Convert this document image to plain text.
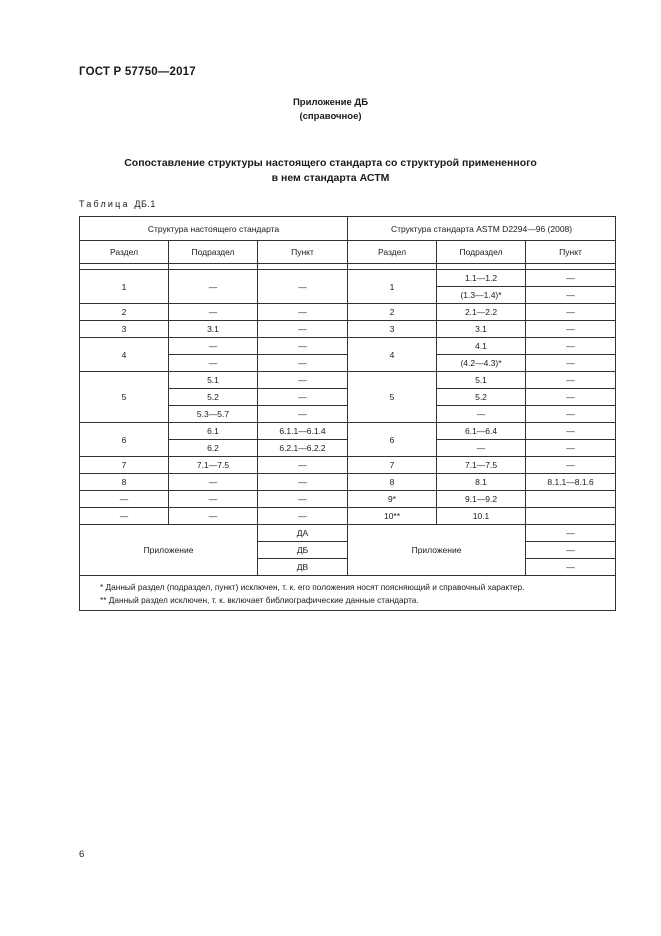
ГОСТ Р 57750—2017
Приложение ДБ
(справочное)
Сопоставление структуры настоящего стандарта со структурой примененного
в нем стандарта АСТМ
Таблица ДБ.1
Структура настоящего стандарта			Структура стандарта ASTM D2294—96 (2008)		
Раздел	Подраздел	Пункт	Раздел	Подраздел	Пункт

1	—	—	1	1.1—1.2	—
				(1.3—1.4)*	—
2	—	—	2	2.1—2.2	—
3	3.1	—	3	3.1	—
4	—	—	4	4.1	—
	—	—		(4.2—4.3)*	—
5	5.1	—	5	5.1	—
	5.2	—		5.2	—
	5.3—5.7	—		—	—
6	6.1	6.1.1—6.1.4	6	6.1—6.4	—
	6.2	6.2.1—6.2.2		—	—
7	7.1—7.5	—	7	7.1—7.5	—
8	—	—	8	8.1	8.1.1—8.1.6
—	—	—	9*	9.1—9.2	
—	—	—	10**	10.1	
Приложение		ДА	Приложение		—
		ДБ			—
		ДВ			—

* Данный раздел (подраздел, пункт) исключен, т. к. его положения носят поясняющий и справочный характер.
** Данный раздел исключен, т. к. включает библиографические данные стандарта.					
6
